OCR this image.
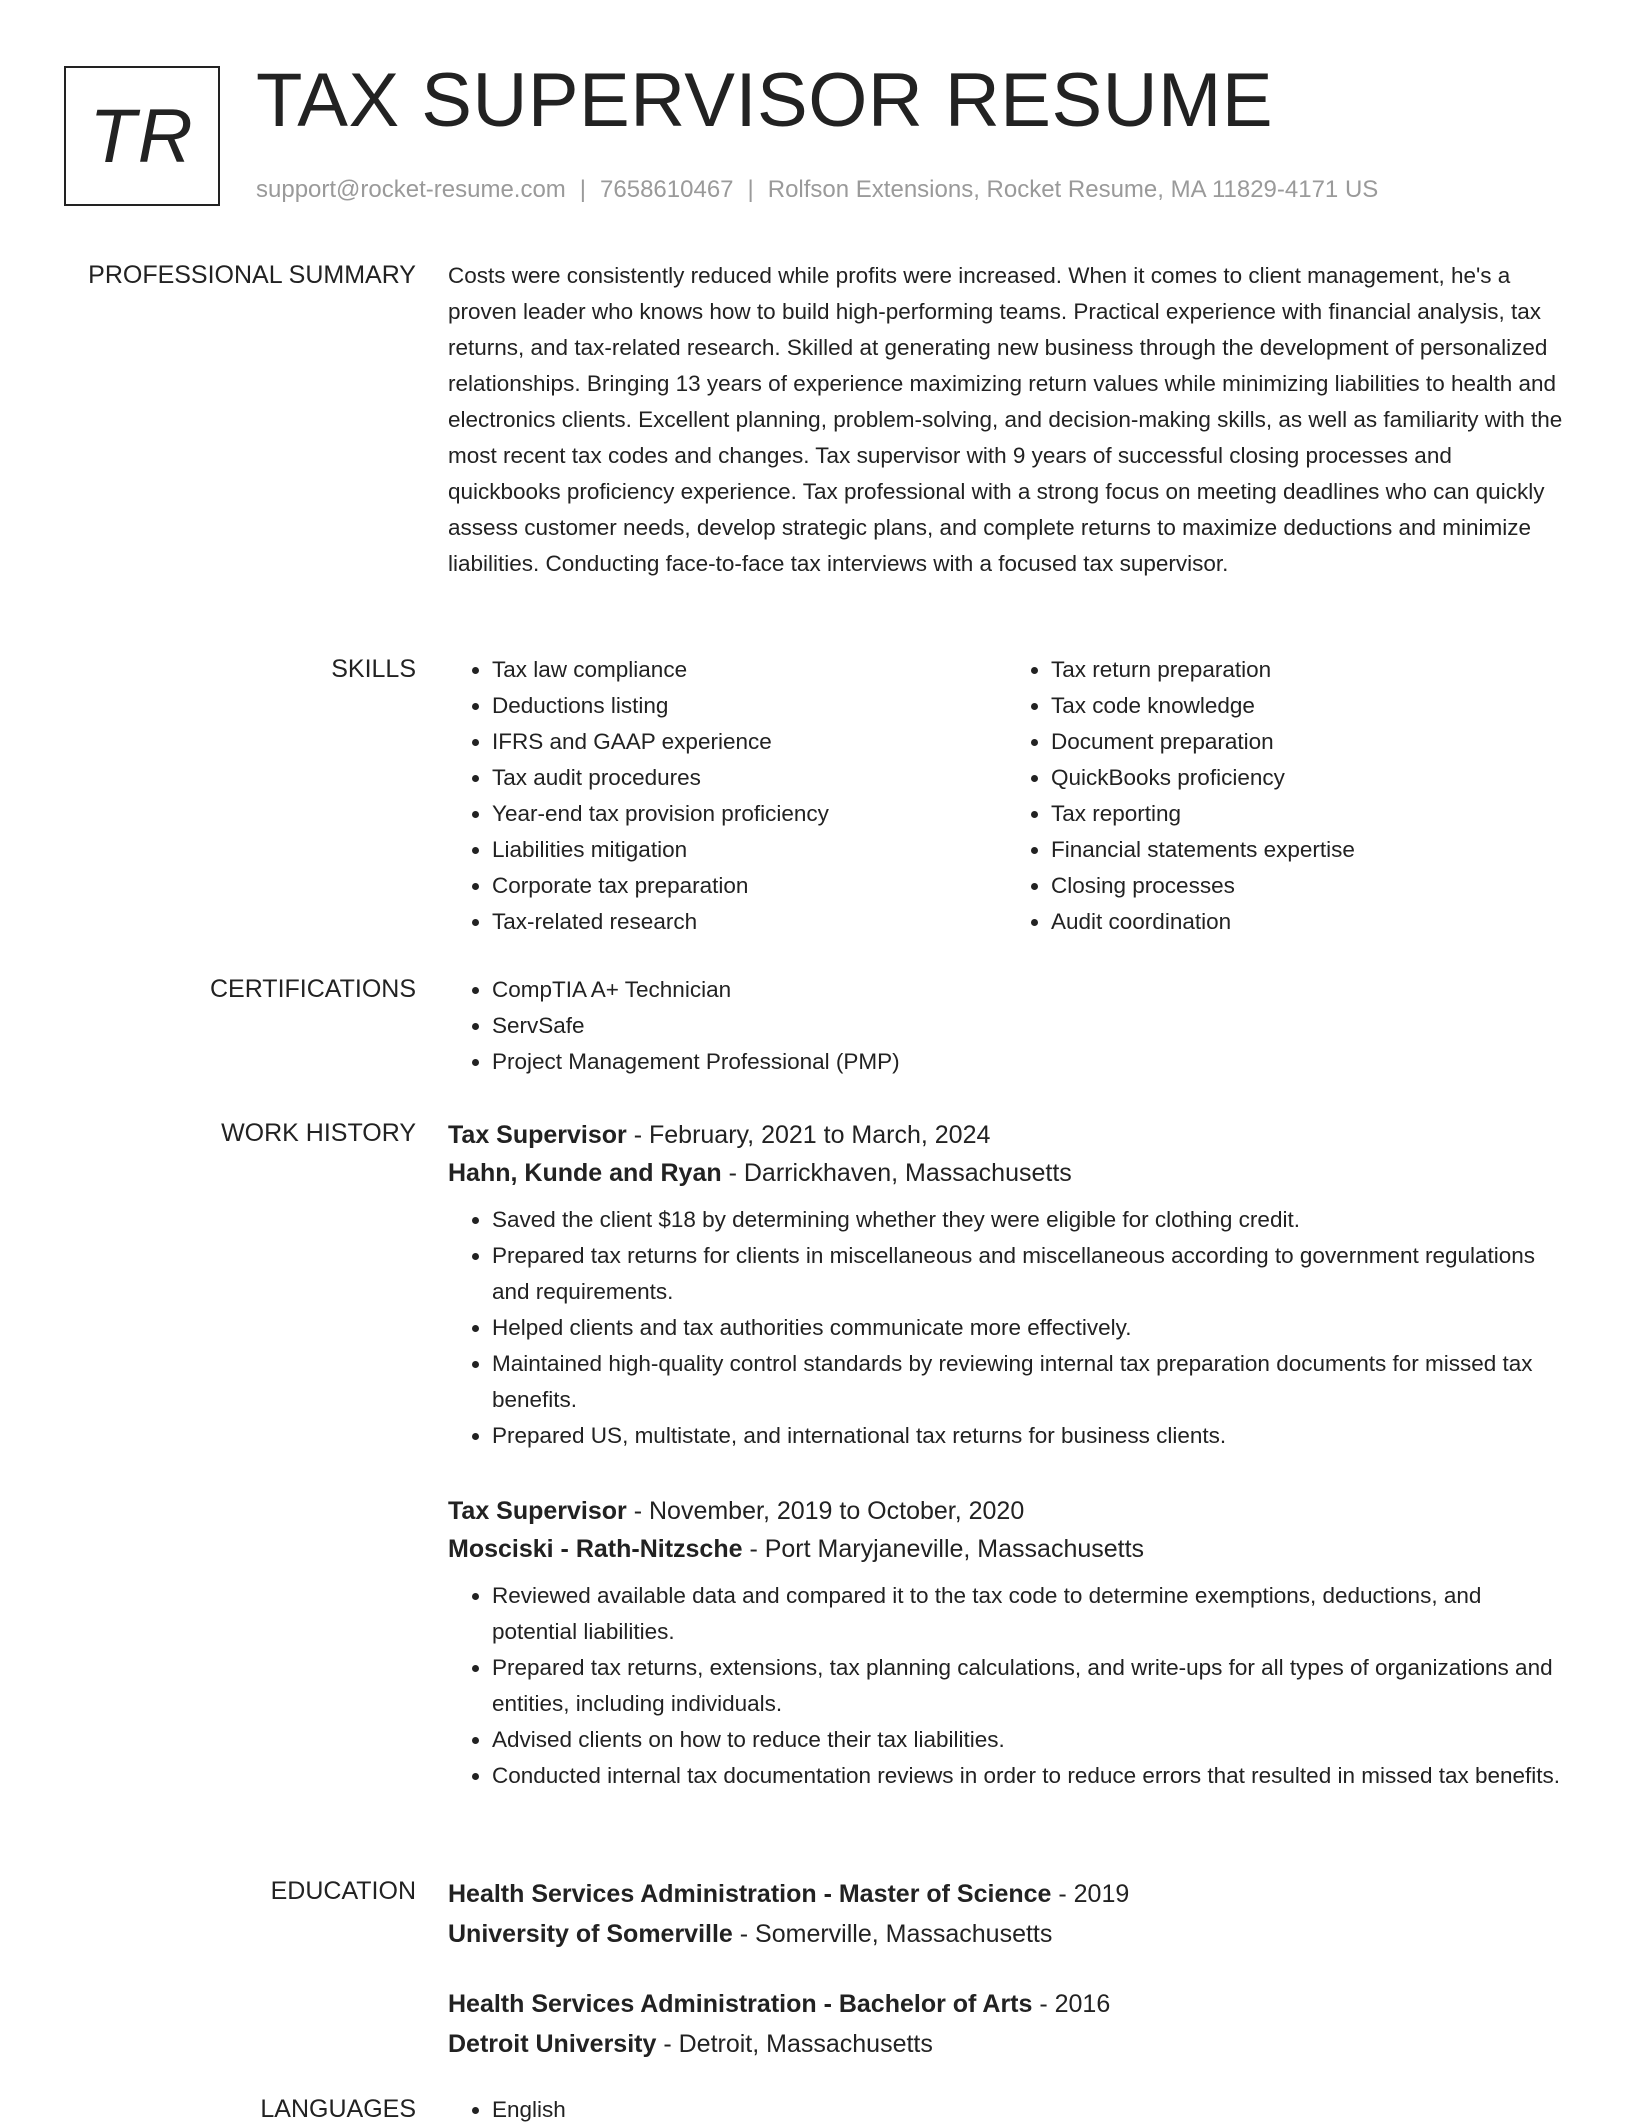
TR TAX SUPERVISOR RESUME
support@rocket-resume.com | 7658610467 | Rolfson Extensions, Rocket Resume, MA 11829-4171 US
PROFESSIONAL SUMMARY Costs were consistently reduced while profits were increased. When it comes to client management, he's a proven leader who knows how to build high-performing teams. Practical experience with financial analysis, tax returns, and tax-related research. Skilled at generating new business through the development of personalized relationships. Bringing 13 years of experience maximizing return values while minimizing liabilities to health and electronics clients. Excellent planning, problem-solving, and decision-making skills, as well as familiarity with the most recent tax codes and changes. Tax supervisor with 9 years of successful closing processes and quickbooks proficiency experience. Tax professional with a strong focus on meeting deadlines who can quickly assess customer needs, develop strategic plans, and complete returns to maximize deductions and minimize liabilities. Conducting face-to-face tax interviews with a focused tax supervisor.

SKILLS	• Tax law compliance
• Deductions listing
• IFRS and GAAP experience
• Tax audit procedures
• Year-end tax provision proficiency
• Liabilities mitigation
• Corporate tax preparation
• Tax-related research
• Tax return preparation
• Tax code knowledge
• Document preparation
• QuickBooks proficiency
• Tax reporting
• Financial statements expertise
• Closing processes
• Audit coordination
CERTIFICATIONS	• CompTIA A+ Technician
• ServSafe
• Project Management Professional (PMP)
WORK HISTORY Tax Supervisor - February, 2021 to March, 2024
Hahn, Kunde and Ryan - Darrickhaven, Massachusetts
• Saved the client $18 by determining whether they were eligible for clothing credit.
• Prepared tax returns for clients in miscellaneous and miscellaneous according to government regulations and requirements.
• Helped clients and tax authorities communicate more effectively.
• Maintained high-quality control standards by reviewing internal tax preparation documents for missed tax benefits.
• Prepared US, multistate, and international tax returns for business clients.
Tax Supervisor - November, 2019 to October, 2020
Mosciski - Rath-Nitzsche - Port Maryjaneville, Massachusetts
• Reviewed available data and compared it to the tax code to determine exemptions, deductions, and potential liabilities.
• Prepared tax returns, extensions, tax planning calculations, and write-ups for all types of organizations and entities, including individuals.
• Advised clients on how to reduce their tax liabilities.
• Conducted internal tax documentation reviews in order to reduce errors that resulted in missed tax benefits.
EDUCATION Health Services Administration - Master of Science - 2019
University of Somerville - Somerville, Massachusetts
Health Services Administration - Bachelor of Arts - 2016
Detroit University - Detroit, Massachusetts
LANGUAGES	• English
